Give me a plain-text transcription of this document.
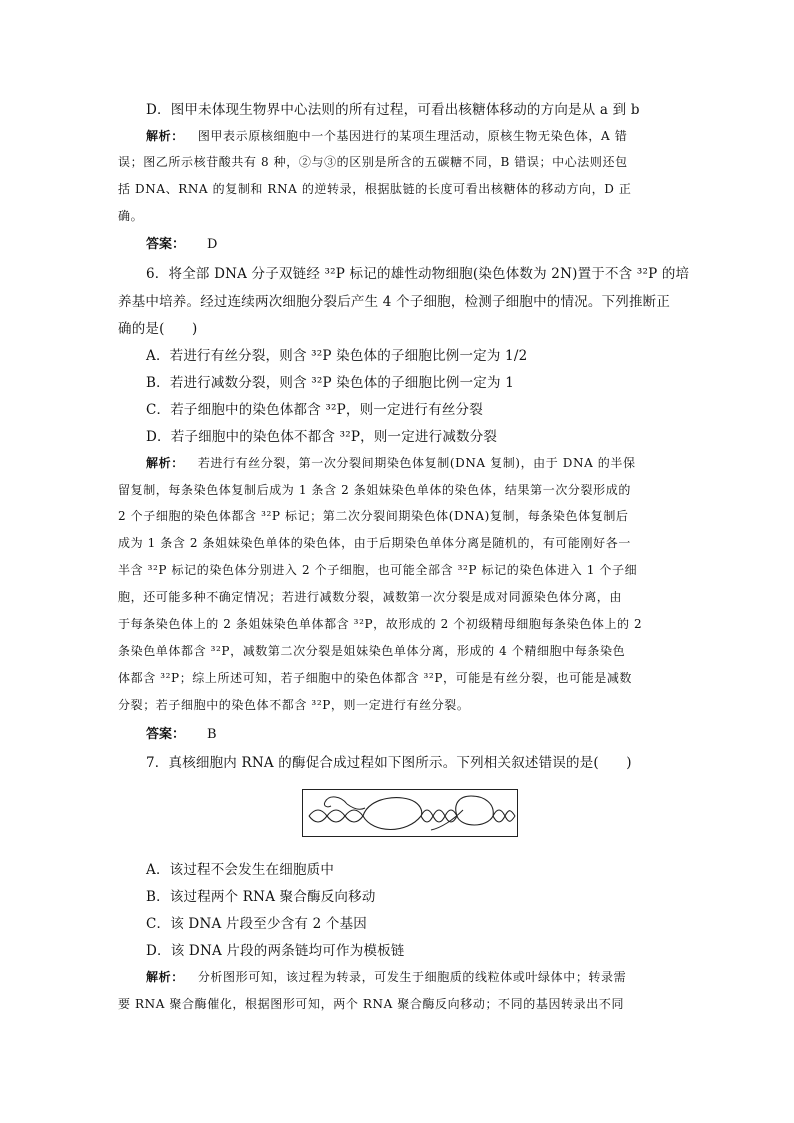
D．图甲未体现生物界中心法则的所有过程，可看出核糖体移动的方向是从 a 到 b
解析： 图甲表示原核细胞中一个基因进行的某项生理活动，原核生物无染色体，A 错
误；图乙所示核苷酸共有 8 种，②与③的区别是所含的五碳糖不同，B 错误；中心法则还包
括 DNA、RNA 的复制和 RNA 的逆转录，根据肽链的长度可看出核糖体的移动方向，D 正
确。
答案： D
6．将全部 DNA 分子双链经 ³²P 标记的雄性动物细胞(染色体数为 2N)置于不含 ³²P 的培
养基中培养。经过连续两次细胞分裂后产生 4 个子细胞，检测子细胞中的情况。下列推断正
确的是(　　)
A．若进行有丝分裂，则含 ³²P 染色体的子细胞比例一定为 1/2
B．若进行减数分裂，则含 ³²P 染色体的子细胞比例一定为 1
C．若子细胞中的染色体都含 ³²P，则一定进行有丝分裂
D．若子细胞中的染色体不都含 ³²P，则一定进行减数分裂
解析： 若进行有丝分裂，第一次分裂间期染色体复制(DNA 复制)，由于 DNA 的半保
留复制，每条染色体复制后成为 1 条含 2 条姐妹染色单体的染色体，结果第一次分裂形成的
2 个子细胞的染色体都含 ³²P 标记；第二次分裂间期染色体(DNA)复制，每条染色体复制后
成为 1 条含 2 条姐妹染色单体的染色体，由于后期染色单体分离是随机的，有可能刚好各一
半含 ³²P 标记的染色体分别进入 2 个子细胞，也可能全部含 ³²P 标记的染色体进入 1 个子细
胞，还可能多种不确定情况；若进行减数分裂，减数第一次分裂是成对同源染色体分离，由
于每条染色体上的 2 条姐妹染色单体都含 ³²P，故形成的 2 个初级精母细胞每条染色体上的 2
条染色单体都含 ³²P，减数第二次分裂是姐妹染色单体分离，形成的 4 个精细胞中每条染色
体都含 ³²P；综上所述可知，若子细胞中的染色体都含 ³²P，可能是有丝分裂，也可能是减数
分裂；若子细胞中的染色体不都含 ³²P，则一定进行有丝分裂。
答案： B
7．真核细胞内 RNA 的酶促合成过程如下图所示。下列相关叙述错误的是(　　)
A．该过程不会发生在细胞质中
B．该过程两个 RNA 聚合酶反向移动
C．该 DNA 片段至少含有 2 个基因
D．该 DNA 片段的两条链均可作为模板链
解析： 分析图形可知，该过程为转录，可发生于细胞质的线粒体或叶绿体中；转录需
要 RNA 聚合酶催化，根据图形可知，两个 RNA 聚合酶反向移动；不同的基因转录出不同
